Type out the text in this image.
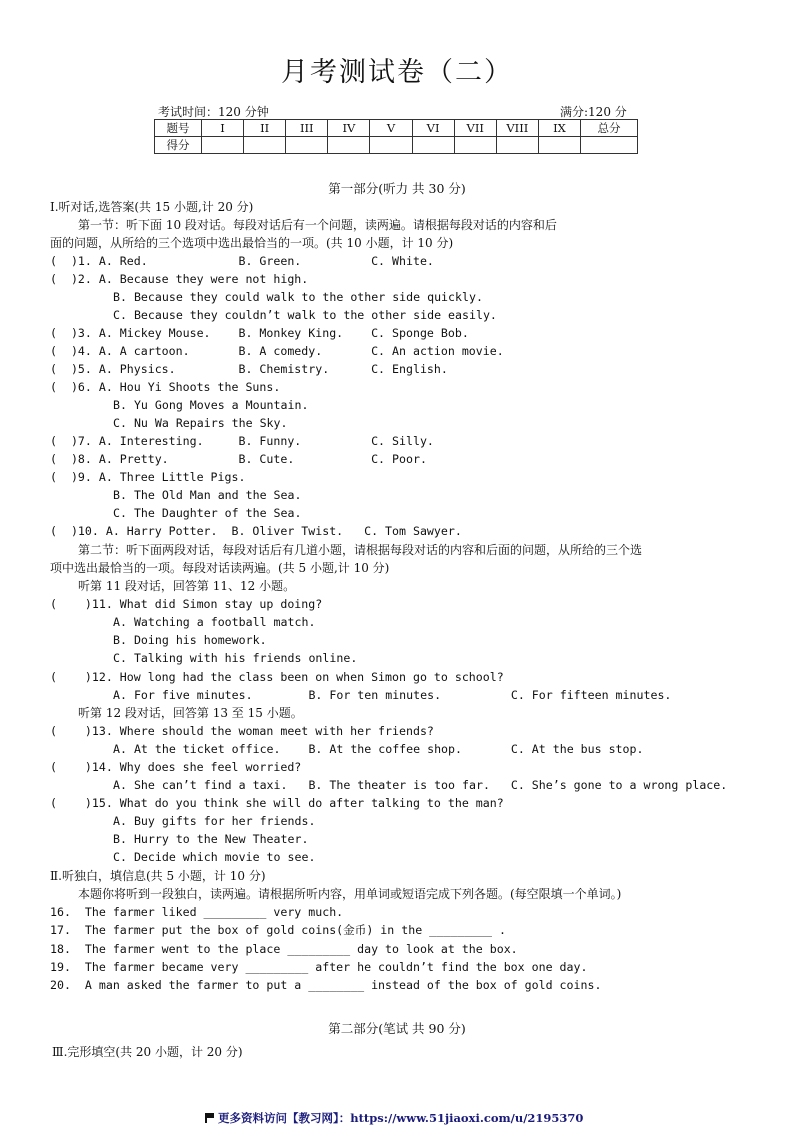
月考测试卷（二）
考试时间：120 分钟	满分:120 分
题号	I	II	III	IV	V	VI	VII	VIII	IX	总分
得分										
第一部分(听力 共 30 分)
Ⅰ.听对话,选答案(共 15 小题,计 20 分)
第一节：听下面 10 段对话。每段对话后有一个问题，读两遍。请根据每段对话的内容和后
面的问题，从所给的三个选项中选出最恰当的一项。(共 10 小题，计 10 分)
(  )1. A. Red.             B. Green.          C. White.
(  )2. A. Because they were not high.
B. Because they could walk to the other side quickly.
C. Because they couldn’t walk to the other side easily.
(  )3. A. Mickey Mouse.    B. Monkey King.    C. Sponge Bob.
(  )4. A. A cartoon.       B. A comedy.       C. An action movie.
(  )5. A. Physics.         B. Chemistry.      C. English.
(  )6. A. Hou Yi Shoots the Suns.
B. Yu Gong Moves a Mountain.
C. Nu Wa Repairs the Sky.
(  )7. A. Interesting.     B. Funny.          C. Silly.
(  )8. A. Pretty.          B. Cute.           C. Poor.
(  )9. A. Three Little Pigs.
B. The Old Man and the Sea.
C. The Daughter of the Sea.
(  )10. A. Harry Potter.  B. Oliver Twist.   C. Tom Sawyer.
第二节：听下面两段对话，每段对话后有几道小题，请根据每段对话的内容和后面的问题，从所给的三个选
项中选出最恰当的一项。每段对话读两遍。(共 5 小题,计 10 分)
听第 11 段对话，回答第 11、12 小题。
(    )11. What did Simon stay up doing?
A. Watching a football match.
B. Doing his homework.
C. Talking with his friends online.
(    )12. How long had the class been on when Simon go to school?
A. For five minutes.        B. For ten minutes.          C. For fifteen minutes.
听第 12 段对话，回答第 13 至 15 小题。
(    )13. Where should the woman meet with her friends?
A. At the ticket office.    B. At the coffee shop.       C. At the bus stop.
(    )14. Why does she feel worried?
A. She can’t find a taxi.   B. The theater is too far.   C. She’s gone to a wrong place.
(    )15. What do you think she will do after talking to the man?
A. Buy gifts for her friends.
B. Hurry to the New Theater.
C. Decide which movie to see.
Ⅱ.听独白，填信息(共 5 小题，计 10 分)
本题你将听到一段独白，读两遍。请根据所听内容，用单词或短语完成下列各题。(每空限填一个单词。)
16.  The farmer liked _________ very much.
17.  The farmer put the box of gold coins(金币) in the _________ .
18.  The farmer went to the place _________ day to look at the box.
19.  The farmer became very _________ after he couldn’t find the box one day.
20.  A man asked the farmer to put a ________ instead of the box of gold coins.
第二部分(笔试 共 90 分)
Ⅲ.完形填空(共 20 小题，计 20 分)
更多资料访问【教习网】：https://www.51jiaoxi.com/u/2195370
